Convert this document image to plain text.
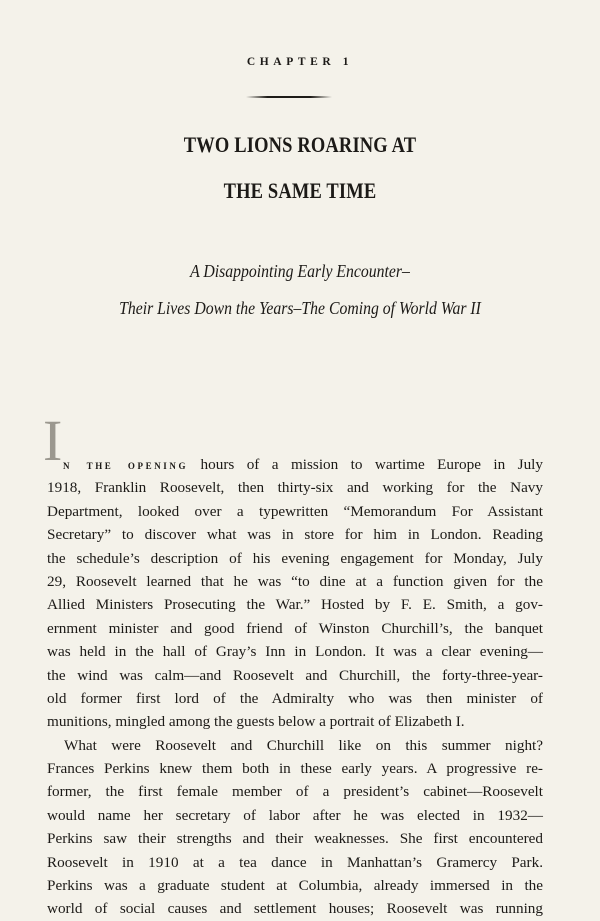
CHAPTER 1
TWO LIONS ROARING AT
THE SAME TIME
A Disappointing Early Encounter–
Their Lives Down the Years–The Coming of World War II
I n the opening hours of a mission to wartime Europe in July
1918, Franklin Roosevelt, then thirty-six and working for the Navy
Department, looked over a typewritten “Memorandum For Assistant
Secretary” to discover what was in store for him in London. Reading
the schedule’s description of his evening engagement for Monday, July
29, Roosevelt learned that he was “to dine at a function given for the
Allied Ministers Prosecuting the War.” Hosted by F. E. Smith, a gov-
ernment minister and good friend of Winston Churchill’s, the banquet
was held in the hall of Gray’s Inn in London. It was a clear evening—
the wind was calm—and Roosevelt and Churchill, the forty-three-year-
old former first lord of the Admiralty who was then minister of
munitions, mingled among the guests below a portrait of Elizabeth I.
What were Roosevelt and Churchill like on this summer night?
Frances Perkins knew them both in these early years. A progressive re-
former, the first female member of a president’s cabinet—Roosevelt
would name her secretary of labor after he was elected in 1932—
Perkins saw their strengths and their weaknesses. She first encountered
Roosevelt in 1910 at a tea dance in Manhattan’s Gramercy Park.
Perkins was a graduate student at Columbia, already immersed in the
world of social causes and settlement houses; Roosevelt was running
